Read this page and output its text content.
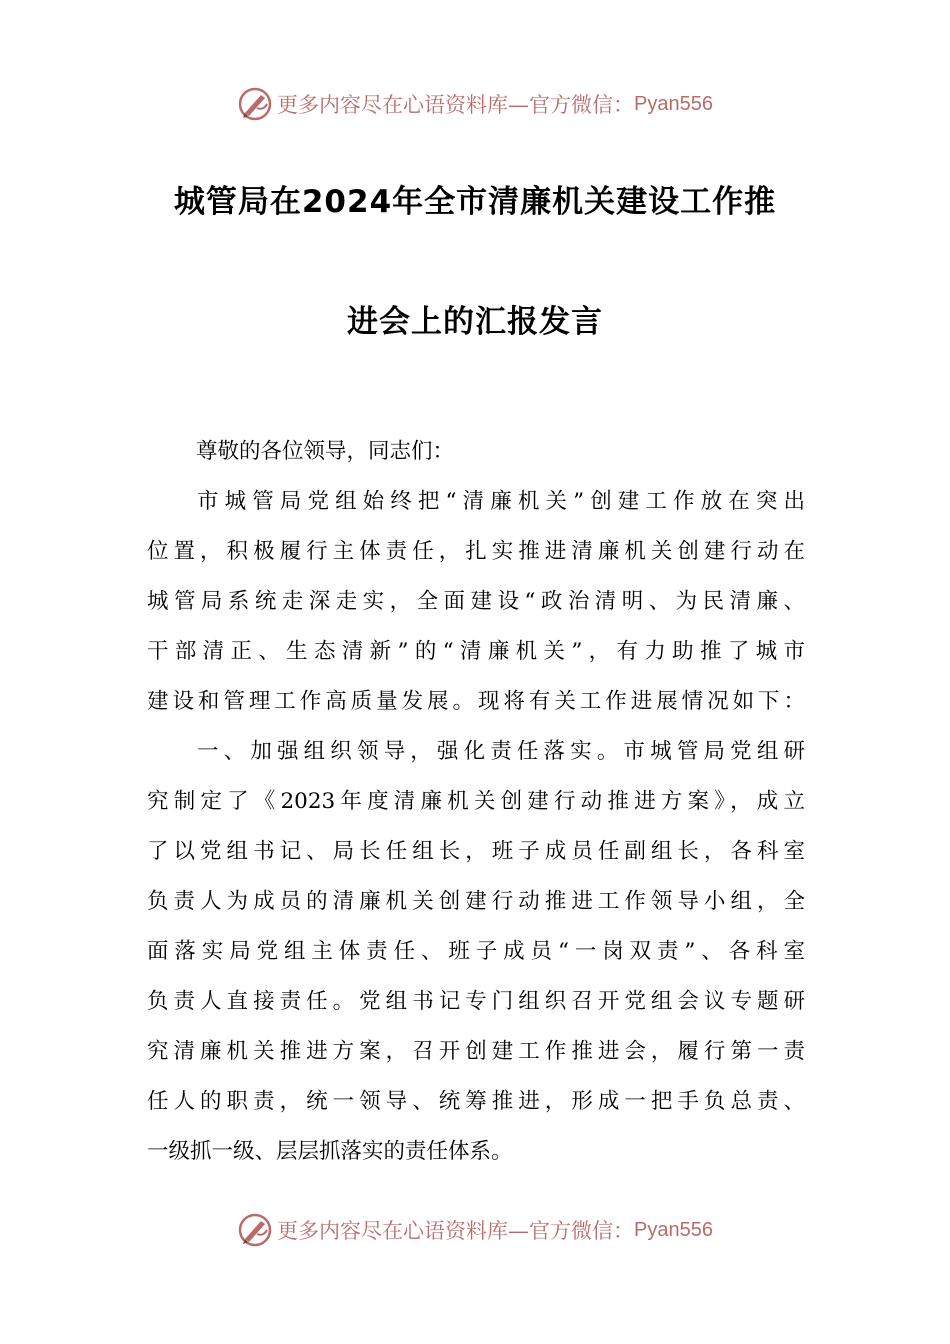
更多内容尽在心语资料库—官方微信： Pyan556
城管局在2024年全市清廉机关建设工作推
进会上的汇报发言

尊敬的各位领导，同志们：

市城管局党组始终把“清廉机关”创建工作放在突出
位置，积极履行主体责任，扎实推进清廉机关创建行动在
城管局系统走深走实，全面建设“政治清明、为民清廉、
干部清正、生态清新”的“清廉机关”，有力助推了城市
建设和管理工作高质量发展。现将有关工作进展情况如下：

一、加强组织领导，强化责任落实。市城管局党组研
究制定了《2023年度清廉机关创建行动推进方案》，成立
了以党组书记、局长任组长，班子成员任副组长，各科室
负责人为成员的清廉机关创建行动推进工作领导小组，全
面落实局党组主体责任、班子成员“一岗双责”、各科室
负责人直接责任。党组书记专门组织召开党组会议专题研
究清廉机关推进方案，召开创建工作推进会，履行第一责
任人的职责，统一领导、统筹推进，形成一把手负总责、
一级抓一级、层层抓落实的责任体系。

更多内容尽在心语资料库—官方微信： Pyan556
